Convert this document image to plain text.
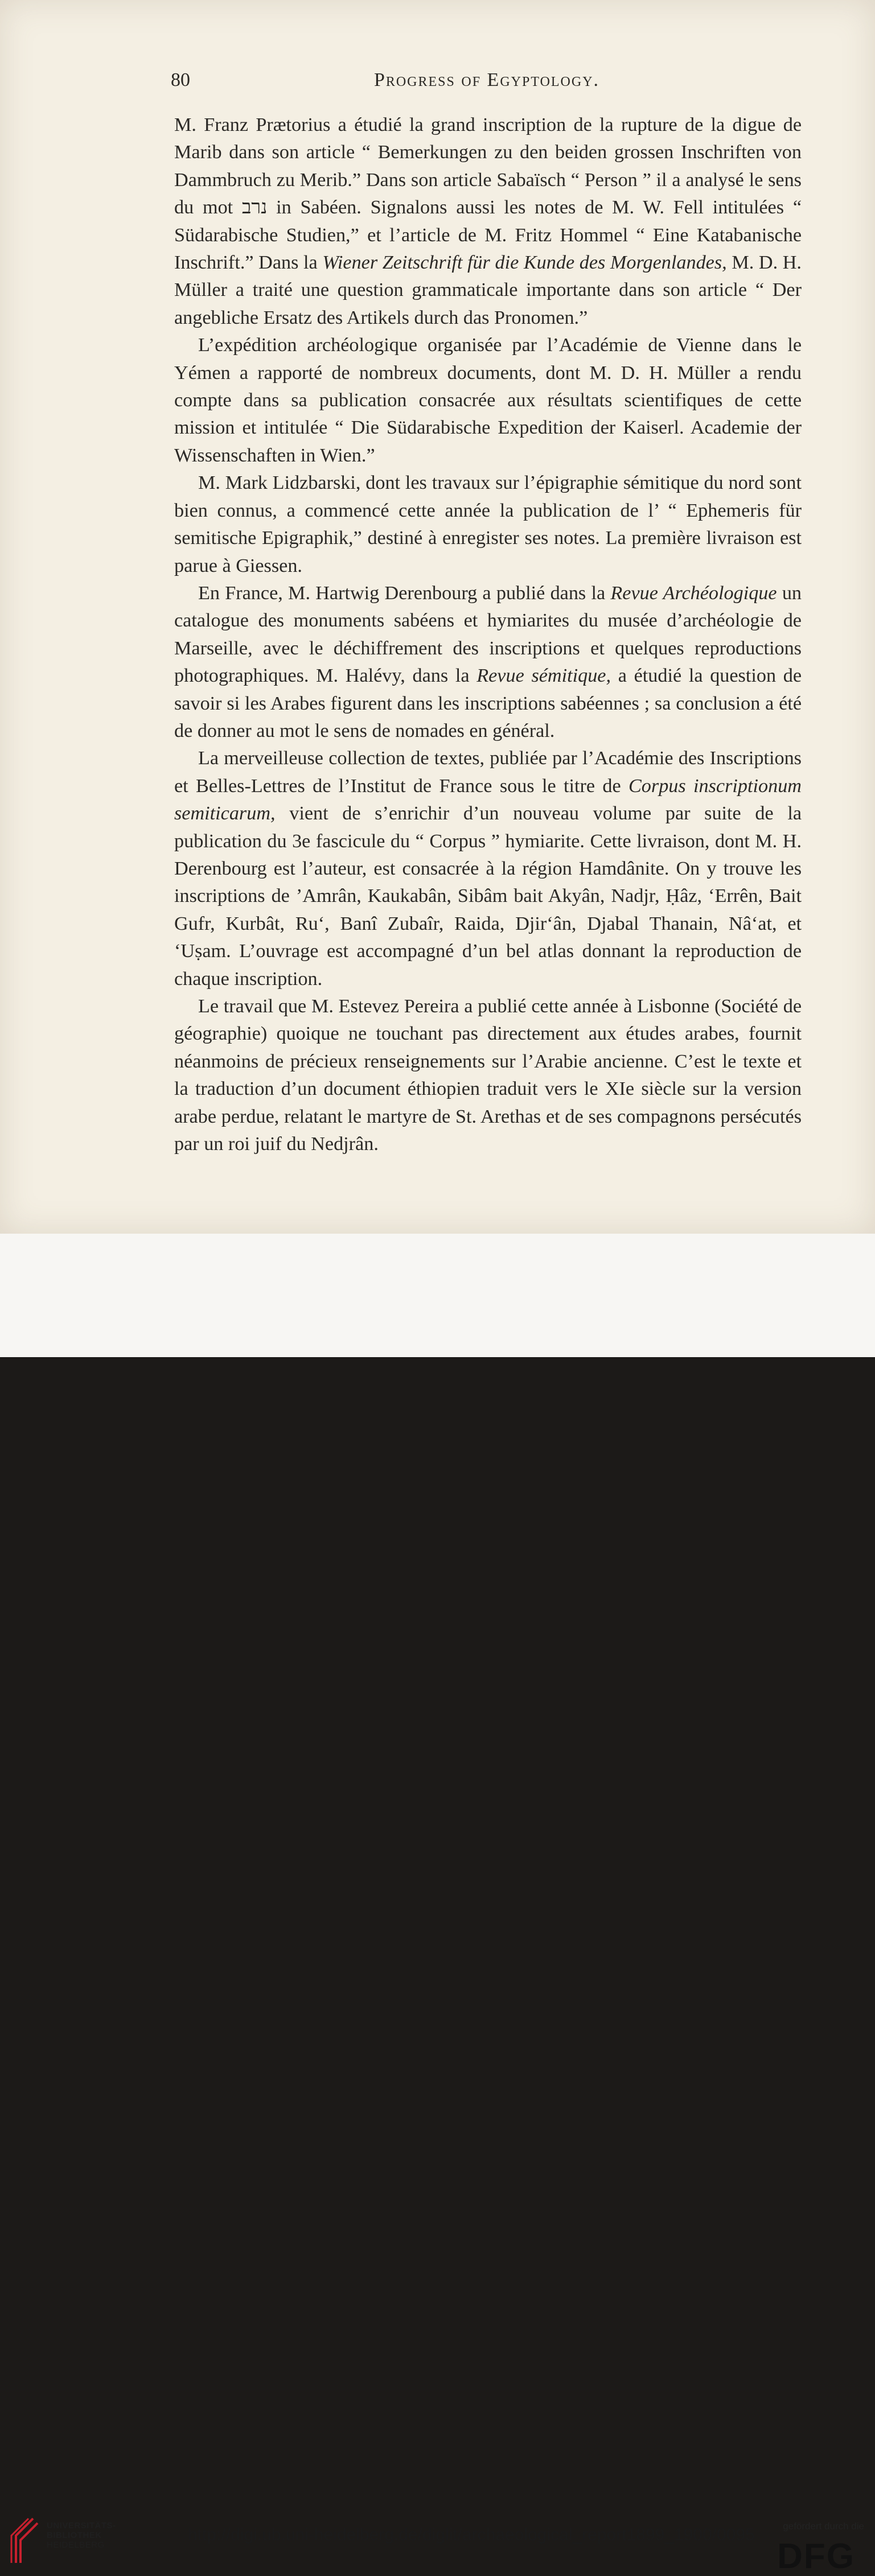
80	Progress of Egyptology.

M. Franz Prætorius a étudié la grand inscription de la rupture de la digue de Marib dans son article “ Bemerkungen zu den beiden grossen Inschriften von Dammbruch zu Merib.” Dans son article Sabaïsch “ Person ” il a analysé le sens du mot נרב in Sabéen. Signalons aussi les notes de M. W. Fell intitulées “ Südarabische Studien,” et l’article de M. Fritz Hommel “ Eine Katabanische Inschrift.” Dans la Wiener Zeitschrift für die Kunde des Morgenlandes, M. D. H. Müller a traité une question grammaticale importante dans son article “ Der angebliche Ersatz des Artikels durch das Pronomen.”

L’expédition archéologique organisée par l’Académie de Vienne dans le Yémen a rapporté de nombreux documents, dont M. D. H. Müller a rendu compte dans sa publication consacrée aux résultats scientifiques de cette mission et intitulée “ Die Südarabische Expedition der Kaiserl. Academie der Wissenschaften in Wien.”

M. Mark Lidzbarski, dont les travaux sur l’épigraphie sémitique du nord sont bien connus, a commencé cette année la publication de l’ “ Ephemeris für semitische Epigraphik,” destiné à enregister ses notes. La première livraison est parue à Giessen.

En France, M. Hartwig Derenbourg a publié dans la Revue Archéologique un catalogue des monuments sabéens et hymiarites du musée d’archéologie de Marseille, avec le déchiffrement des inscriptions et quelques reproductions photographiques. M. Halévy, dans la Revue sémitique, a étudié la question de savoir si les Arabes figurent dans les inscriptions sabéennes ; sa conclusion a été de donner au mot le sens de nomades en général.

La merveilleuse collection de textes, publiée par l’Académie des Inscriptions et Belles-Lettres de l’Institut de France sous le titre de Corpus inscriptionum semiticarum, vient de s’enrichir d’un nouveau volume par suite de la publication du 3e fascicule du “ Corpus ” hymiarite. Cette livraison, dont M. H. Derenbourg est l’auteur, est consacrée à la région Hamdânite. On y trouve les inscriptions de ’Amrân, Kaukabân, Sibâm bait Akyân, Nadjr, Ḥâz, ‘Errên, Bait Gufr, Kurbât, Ru‘, Banî Zubaîr, Raida, Djir‘ân, Djabal Thanain, Nâ‘at, et ‘Uṣam. L’ouvrage est accompagné d’un bel atlas donnant la reproduction de chaque inscription.

Le travail que M. Estevez Pereira a publié cette année à Lisbonne (Société de géographie) quoique ne touchant pas directement aux études arabes, fournit néanmoins de précieux renseignements sur l’Arabie ancienne. C’est le texte et la traduction d’un document éthiopien traduit vers le XIe siècle sur la version arabe perdue, relatant le martyre de St. Arethas et de ses compagnons persécutés par un roi juif du Nedjrân.

UNIVERSITÄTS-
BIBLIOTHEK
HEIDELBERG
http://digi.ub.uni-heidelberg.de/diglit/archaeological_report1899_1900/0095	gefördert durch die
DFG
